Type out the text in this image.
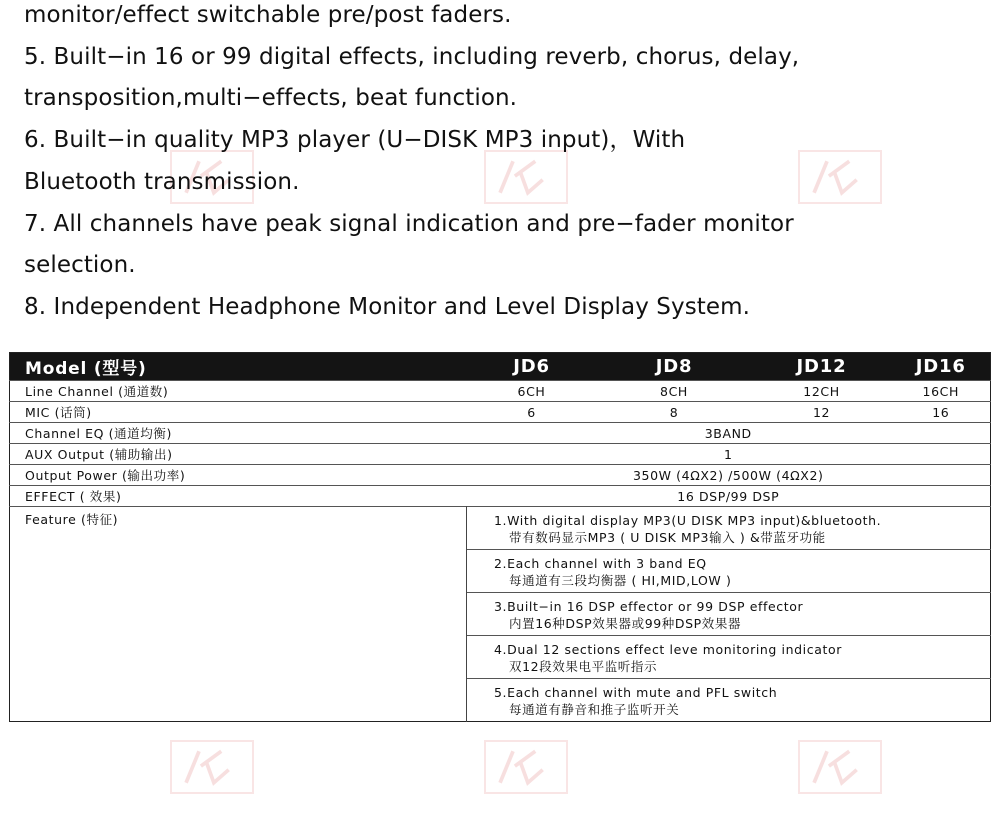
monitor/effect switchable pre/post faders.

5. Built−in 16 or 99 digital effects, including reverb, chorus, delay,

transposition,multi−effects, beat function.

6. Built−in quality MP3 player (U−DISK MP3 input)，With

Bluetooth transmission.

7. All channels have peak signal indication and pre−fader monitor

selection.

8. Independent Headphone Monitor and Level Display System.

Model (型号)	JD6	JD8	JD12	JD16
Line Channel (通道数)	6CH	8CH	12CH	16CH
MIC (话筒)	6	8	12	16
Channel EQ (通道均衡)	3BAND			
AUX Output (辅助输出)	1			
Output Power (输出功率)	350W (4ΩX2) /500W (4ΩX2)			
EFFECT ( 效果)	16 DSP/99 DSP			
Feature (特征)	1.With digital display MP3(U DISK MP3 input)&bluetooth.
带有数码显示MP3 ( U DISK MP3输入 ) &带蓝牙功能			

	2.Each channel with 3 band EQ
每通道有三段均衡器 ( HI,MID,LOW )			

	3.Built−in 16 DSP effector or 99 DSP effector
内置16种DSP效果器或99种DSP效果器			

	4.Dual 12 sections effect leve monitoring indicator
双12段效果电平监听指示			

	5.Each channel with mute and PFL switch
每通道有静音和推子监听开关			
